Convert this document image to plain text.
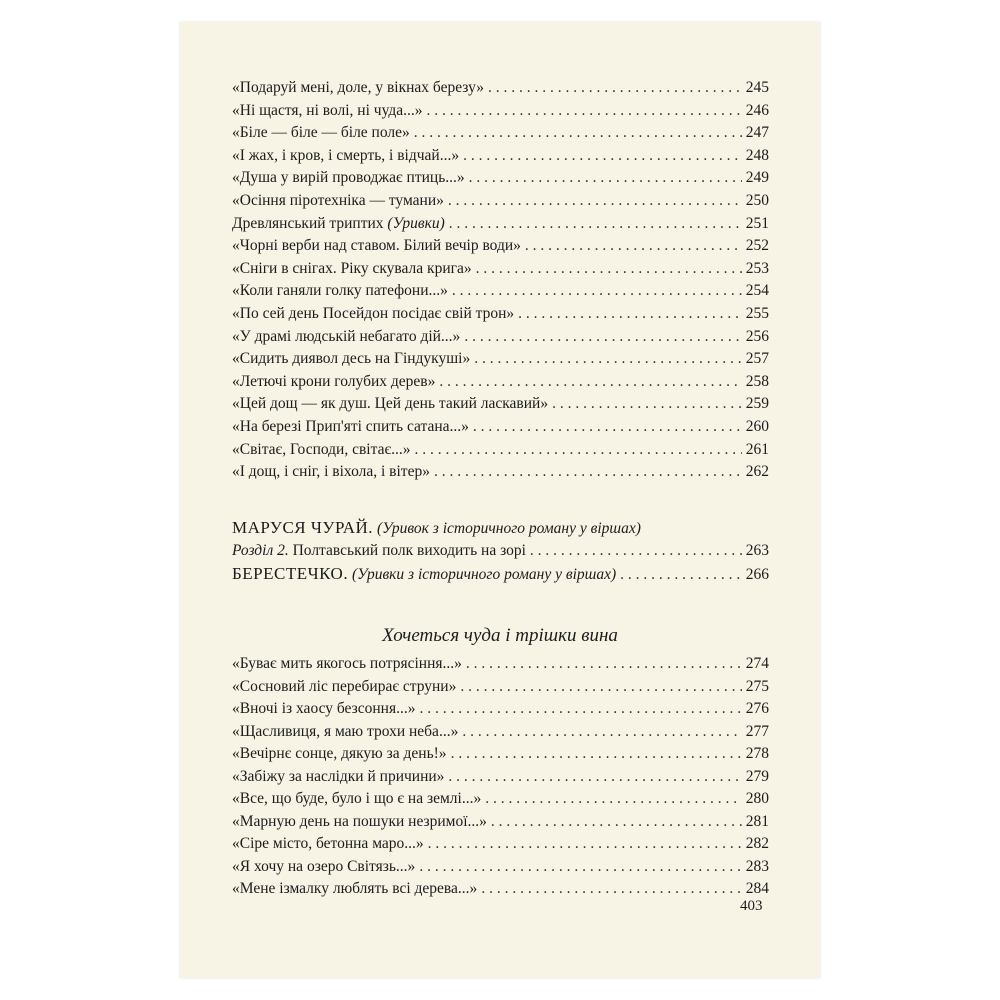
«Подаруй мені, доле, у вікнах березу» . . .	245
«Ні щастя, ні волі, ні чуда...» . . .	246
«Біле — біле — біле поле» . . .	247
«І жах, і кров, і смерть, і відчай...» . . .	248
«Душа у вирій проводжає птиць...» . . .	249
«Осіння піротехніка — тумани» . . .	250
Древлянський триптих (Уривки) . . .	251
«Чорні верби над ставом. Білий вечір води» . . .	252
«Сніги в снігах. Ріку скувала крига» . . .	253
«Коли ганяли голку патефони...» . . .	254
«По сей день Посейдон посідає свій трон» . . .	255
«У драмі людській небагато дій...» . . .	256
«Сидить диявол десь на Гіндукуші» . . .	257
«Летючі крони голубих дерев» . . .	258
«Цей дощ — як душ. Цей день такий ласкавий» . . .	259
«На березі Прип'яті спить сатана...» . . .	260
«Світає, Господи, світає...» . . .	261
«І дощ, і сніг, і віхола, і вітер» . . .	262
МАРУСЯ ЧУРАЙ. (Уривок з історичного роману у віршах)
Розділ 2. Полтавський полк виходить на зорі . . .	263
БЕРЕСТЕЧКО. (Уривки з історичного роману у віршах) . . .	266
Хочеться чуда і трішки вина
«Буває мить якогось потрясіння...» . . .	274
«Сосновий ліс перебирає струни» . . .	275
«Вночі із хаосу безсоння...» . . .	276
«Щасливиця, я маю трохи неба...» . . .	277
«Вечірнє сонце, дякую за день!» . . .	278
«Забіжу за наслідки й причини» . . .	279
«Все, що буде, було і що є на землі...» . . .	280
«Марную день на пошуки незримої...» . . .	281
«Сіре місто, бетонна маро...» . . .	282
«Я хочу на озеро Світязь...» . . .	283
«Мене ізмалку люблять всі дерева...» . . .	284
403
